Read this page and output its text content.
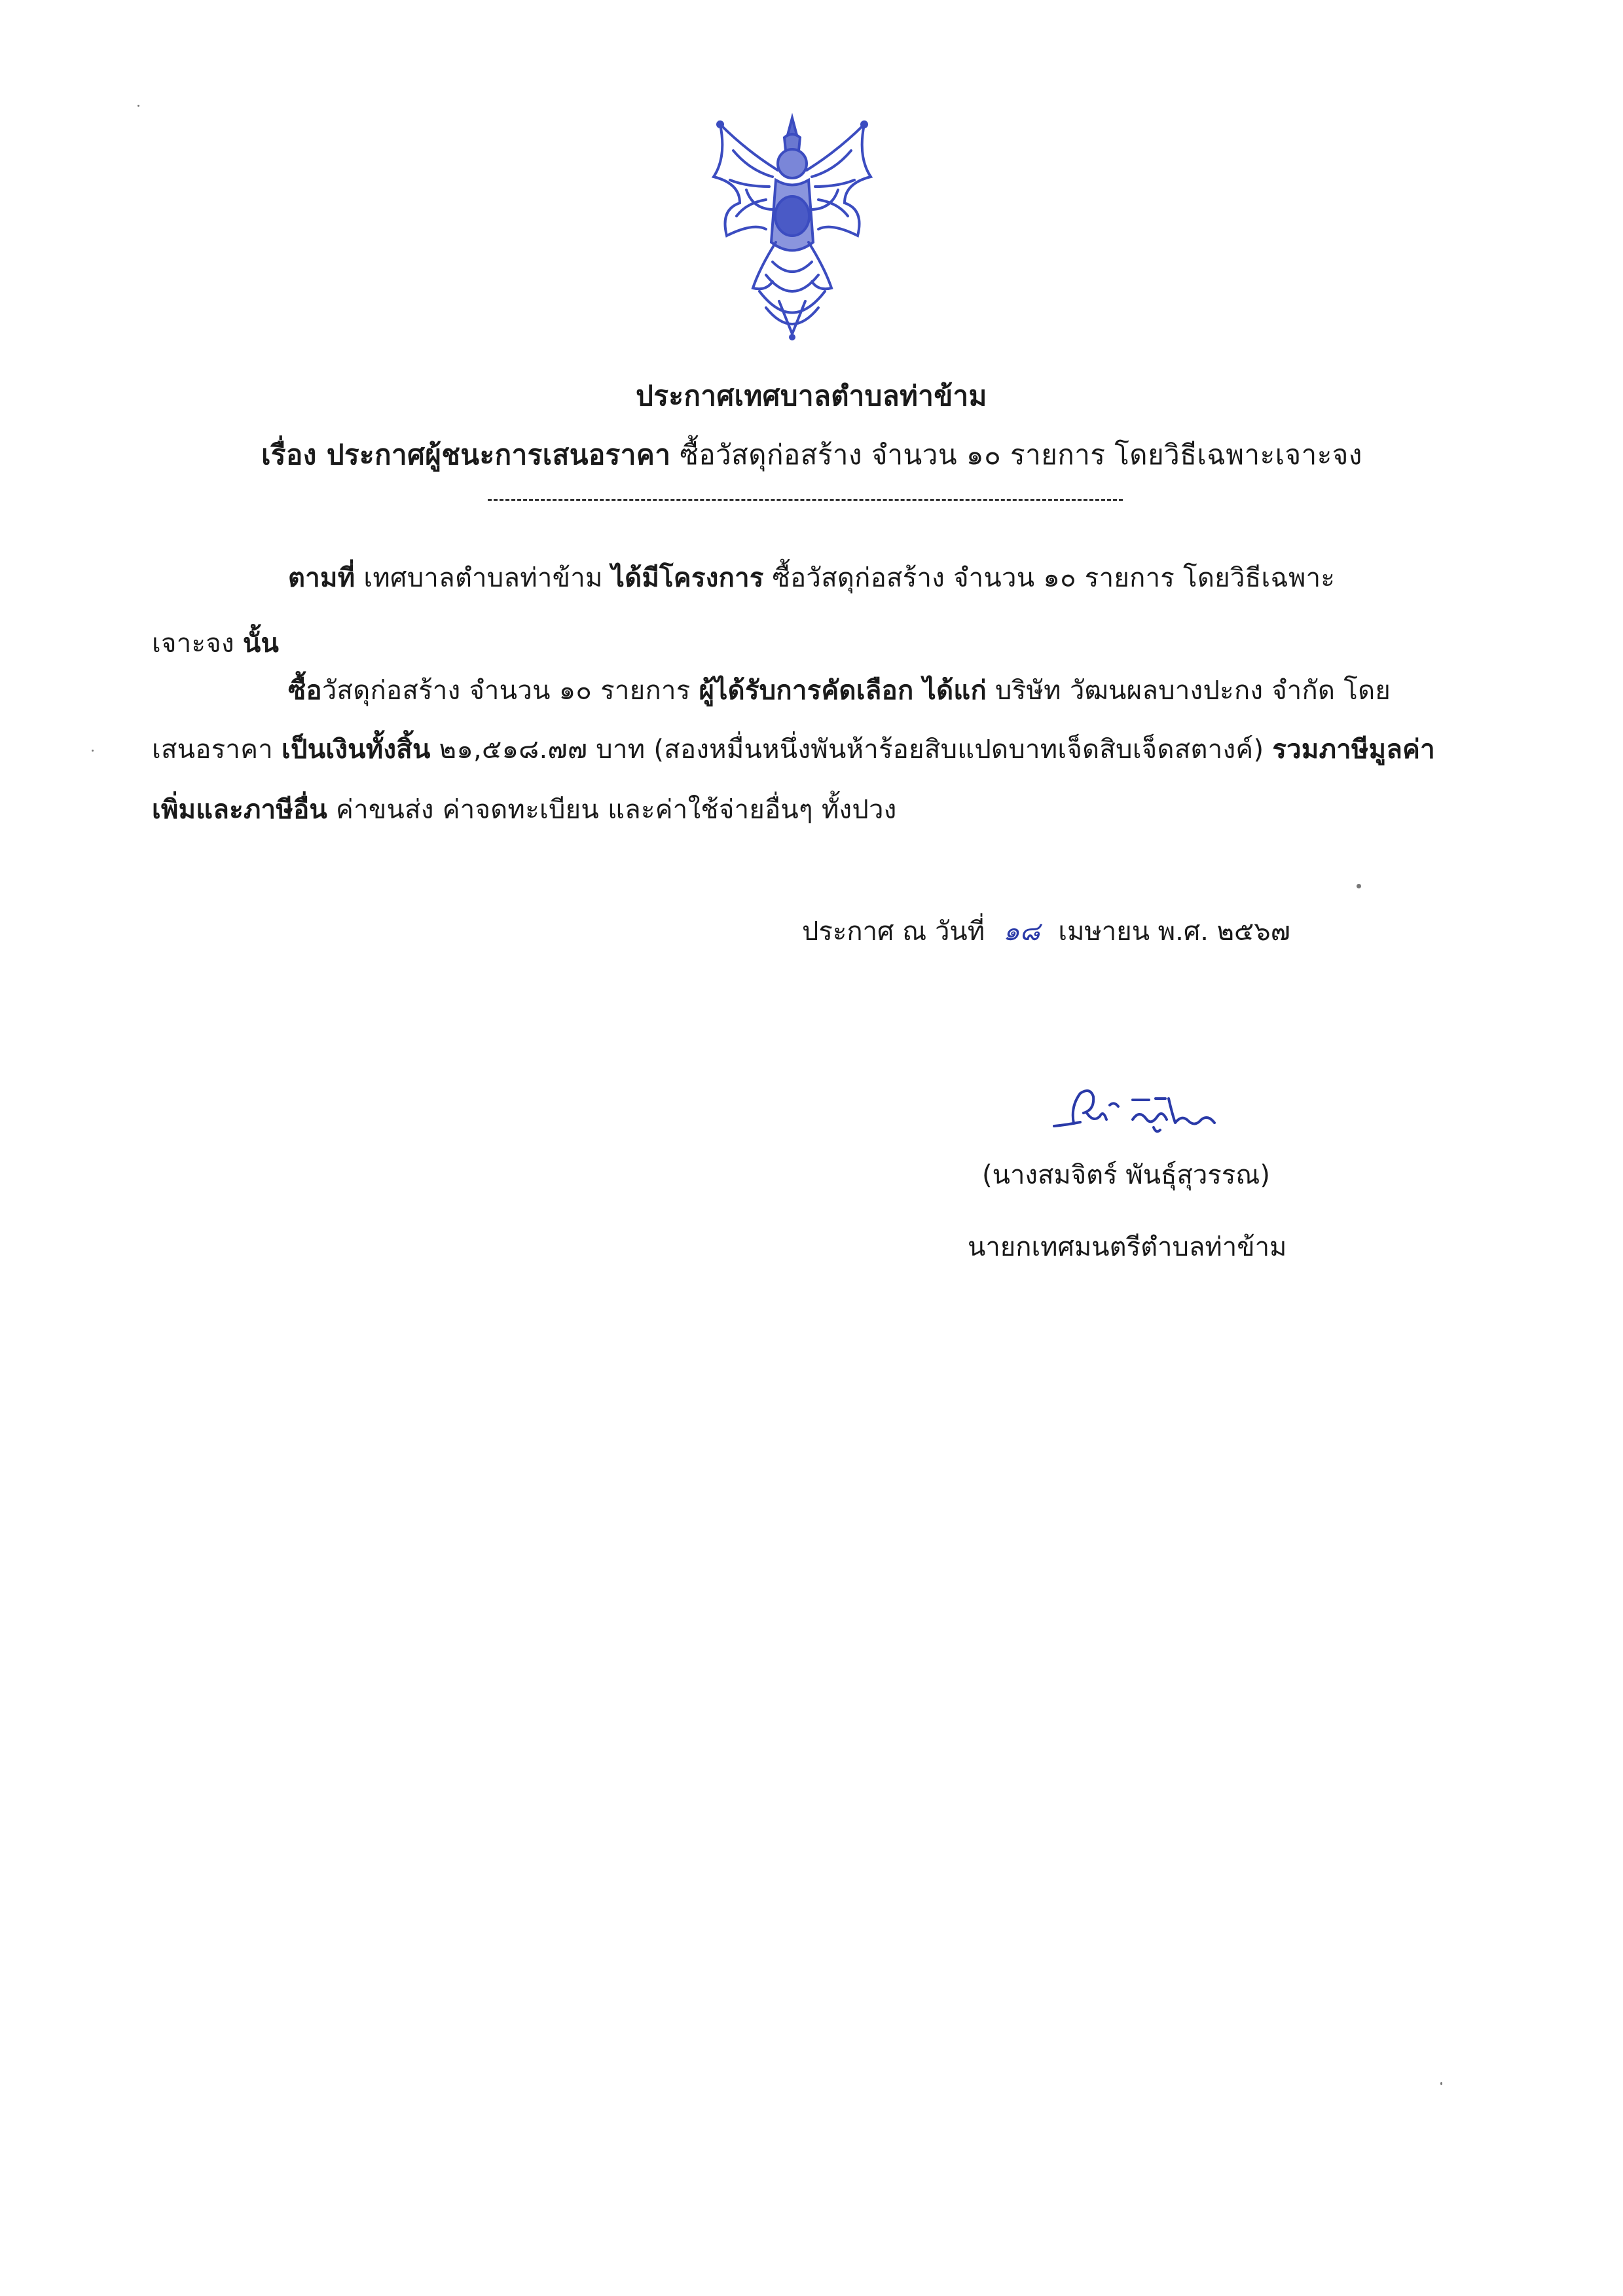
ประกาศเทศบาลตำบลท่าข้าม
เรื่อง ประกาศผู้ชนะการเสนอราคา ซื้อวัสดุก่อสร้าง จำนวน ๑๐ รายการ โดยวิธีเฉพาะเจาะจง
ตามที่ เทศบาลตำบลท่าข้าม ได้มีโครงการ ซื้อวัสดุก่อสร้าง จำนวน ๑๐ รายการ โดยวิธีเฉพาะ
เจาะจง นั้น
ซื้อวัสดุก่อสร้าง จำนวน ๑๐ รายการ ผู้ได้รับการคัดเลือก ได้แก่ บริษัท วัฒนผลบางปะกง จำกัด โดย
เสนอราคา เป็นเงินทั้งสิ้น ๒๑,๕๑๘.๗๗ บาท (สองหมื่นหนึ่งพันห้าร้อยสิบแปดบาทเจ็ดสิบเจ็ดสตางค์) รวมภาษีมูลค่า
เพิ่มและภาษีอื่น ค่าขนส่ง ค่าจดทะเบียน และค่าใช้จ่ายอื่นๆ ทั้งปวง
ประกาศ ณ วันที่ ๑๘ เมษายน พ.ศ. ๒๕๖๗
(นางสมจิตร์ พันธุ์สุวรรณ)
นายกเทศมนตรีตำบลท่าข้าม
